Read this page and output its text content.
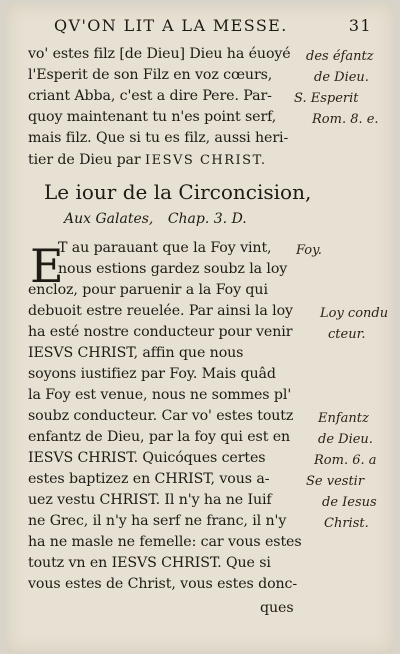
QV'ON LIT A LA MESSE.	31
vo' estes filz [de Dieu] Dieu ha éuoyé
l'Esperit de son Filz en voz cœurs,
criant Abba, c'est a dire Pere. Par-
quoy maintenant tu n'es point serf,
mais filz. Que si tu es filz, aussi heri-
tier de Dieu par IESVS CHRIST.
des éfantz
de Dieu.
S. Esperit
Rom. 8. e.
Le iour de la Circoncision,
Aux Galates, Chap. 3. D.
E
T au parauant que la Foy vint,
nous estions gardez soubz la loy
encloz, pour paruenir a la Foy qui
debuoit estre reuelée. Par ainsi la loy
ha esté nostre conducteur pour venir
IESVS CHRIST, affin que nous
soyons iustifiez par Foy. Mais quâd
la Foy est venue, nous ne sommes pl'
soubz conducteur. Car vo' estes toutz
enfantz de Dieu, par la foy qui est en
IESVS CHRIST. Quicóques certes
estes baptizez en CHRIST, vous a-
uez vestu CHRIST. Il n'y ha ne Iuif
ne Grec, il n'y ha serf ne franc, il n'y
ha ne masle ne femelle: car vous estes
toutz vn en IESVS CHRIST. Que si
vous estes de Christ, vous estes donc-
ques
Foy.
Loy condu
cteur.
Enfantz
de Dieu.
Rom. 6. a
Se vestir
de Iesus
Christ.
